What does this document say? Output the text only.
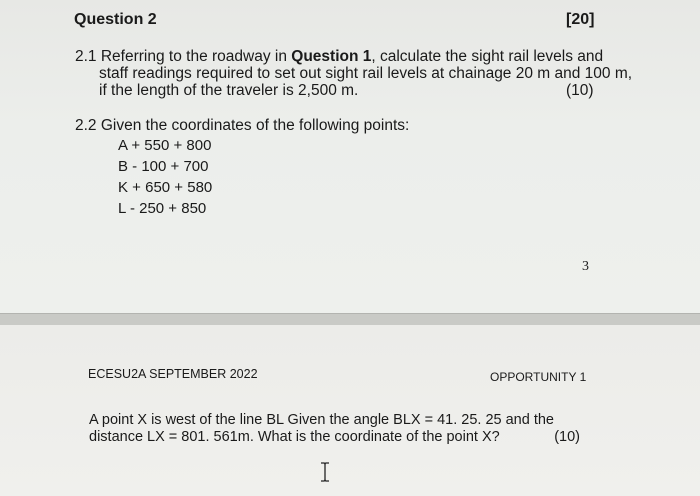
Question 2	[20]
2.1 Referring to the roadway in Question 1, calculate the sight rail levels and
staff readings required to set out sight rail levels at chainage 20 m and 100 m,
if the length of the traveler is 2,500 m.	(10)
2.2 Given the coordinates of the following points:
A + 550 + 800
B - 100 + 700
K + 650 + 580
L - 250 + 850
3
ECESU2A SEPTEMBER 2022	OPPORTUNITY 1
A point X is west of the line BL Given the angle BLX = 41. 25. 25 and the
distance LX = 801. 561m. What is the coordinate of the point X?	(10)
